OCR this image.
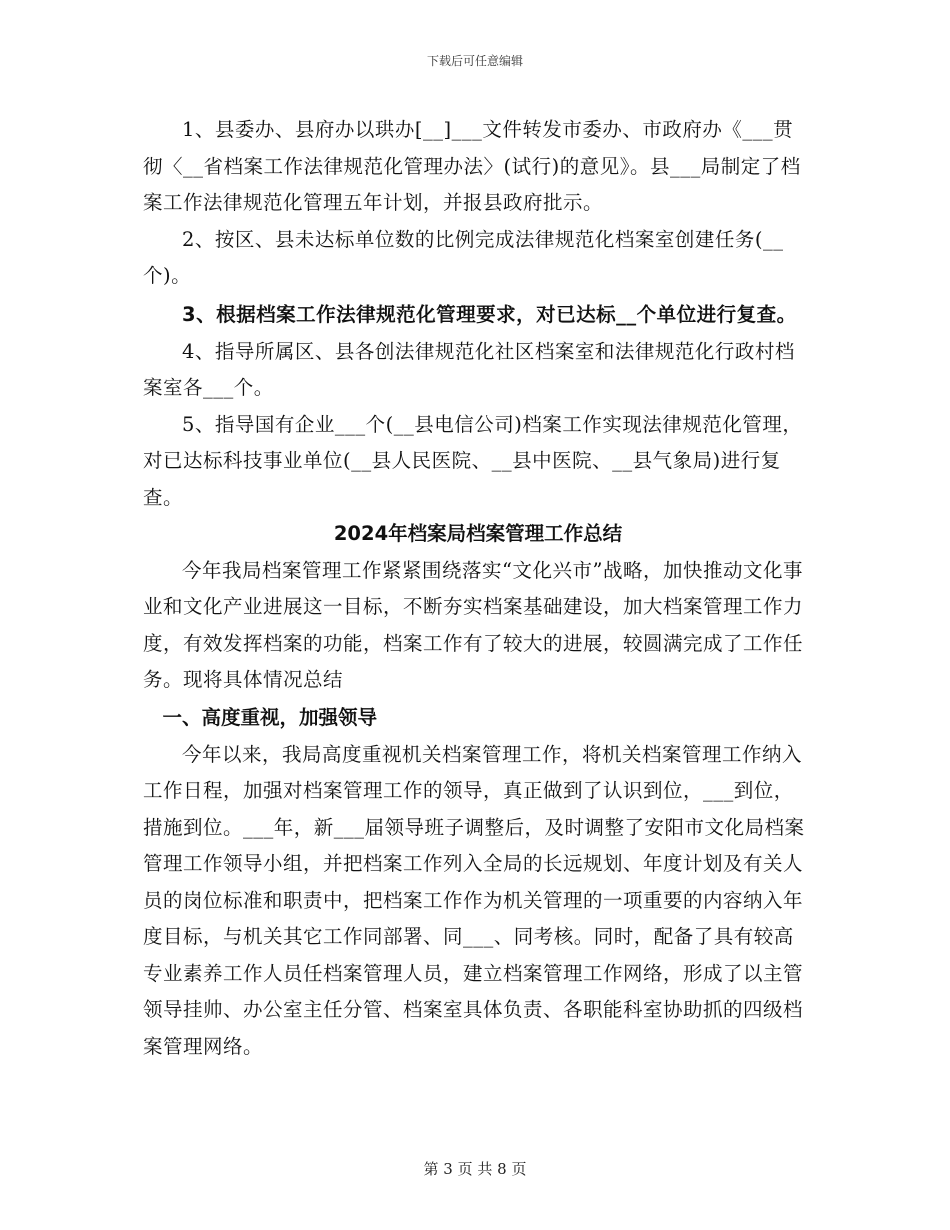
下载后可任意编辑

1、县委办、县府办以珙办[__]___文件转发市委办、市政府办《___贯彻〈__省档案工作法律规范化管理办法〉(试行)的意见》。县___局制定了档案工作法律规范化管理五年计划，并报县政府批示。

2、按区、县未达标单位数的比例完成法律规范化档案室创建任务(__个)。

3、根据档案工作法律规范化管理要求，对已达标__个单位进行复查。

4、指导所属区、县各创法律规范化社区档案室和法律规范化行政村档案室各___个。

5、指导国有企业___个(__县电信公司)档案工作实现法律规范化管理，对已达标科技事业单位(__县人民医院、__县中医院、__县气象局)进行复查。

2024年档案局档案管理工作总结

今年我局档案管理工作紧紧围绕落实“文化兴市”战略，加快推动文化事业和文化产业进展这一目标，不断夯实档案基础建设，加大档案管理工作力度，有效发挥档案的功能，档案工作有了较大的进展，较圆满完成了工作任务。现将具体情况总结

一、高度重视，加强领导

今年以来，我局高度重视机关档案管理工作，将机关档案管理工作纳入工作日程，加强对档案管理工作的领导，真正做到了认识到位，___到位，措施到位。___年，新___届领导班子调整后，及时调整了安阳市文化局档案管理工作领导小组，并把档案工作列入全局的长远规划、年度计划及有关人员的岗位标准和职责中，把档案工作作为机关管理的一项重要的内容纳入年度目标，与机关其它工作同部署、同___、同考核。同时，配备了具有较高专业素养工作人员任档案管理人员，建立档案管理工作网络，形成了以主管领导挂帅、办公室主任分管、档案室具体负责、各职能科室协助抓的四级档案管理网络。

第 3 页 共 8 页
